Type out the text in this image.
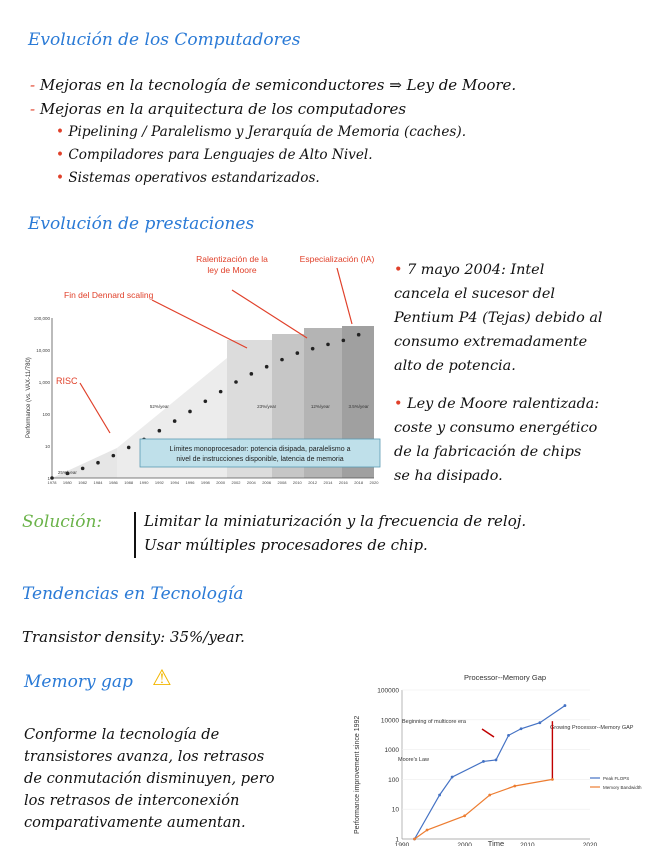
Evolución de los Computadores
- Mejoras en la tecnología de semiconductores ⇒ Ley de Moore.
- Mejoras en la arquitectura de los computadores
• Pipelining / Paralelismo y Jerarquía de Memoria (caches).
• Compiladores para Lenguajes de Alto Nivel.
• Sistemas operativos estandarizados.
Evolución de prestaciones
1
10
100
1,000
10,000
100,000
1978 1980 1982 1984 1986 1988 1990 1992 1994 1996 1998 2000 2002 2004 2006 2008 2010 2012 2014 2016 2018 2020
25%/year
52%/year	23%/year	12%/year	3.5%/year
Performance (vs. VAX-11/780)
Ralentización de la
ley de Moore
Especialización (IA)
Fin del Dennard scaling
RISC
Límites monoprocesador: potencia disipada, paralelismo a
nivel de instrucciones disponible, latencia de memoria
• 7 mayo 2004: Intel
cancela el sucesor del
Pentium P4 (Tejas) debido al
consumo extremadamente
alto de potencia.
• Ley de Moore ralentizada:
coste y consumo energético
de la fabricación de chips
se ha disipado.
Solución:	Limitar la miniaturización y la frecuencia de reloj.
Usar múltiples procesadores de chip.
Tendencias en Tecnología
Transistor density: 35%/year.
Memory gap ⚠
Conforme la tecnología de
transistores avanza, los retrasos
de conmutación disminuyen, pero
los retrasos de interconexión
comparativamente aumentan.
Processor--Memory Gap
1
10
100
1000
10000
100000
1990	2000	2010	2020
Time
Performance improvement since 1992	Beginning of multicore era
Growing Processor--Memory GAP
Moore's Law
Peak FLOPS
Memory Bandwidth
